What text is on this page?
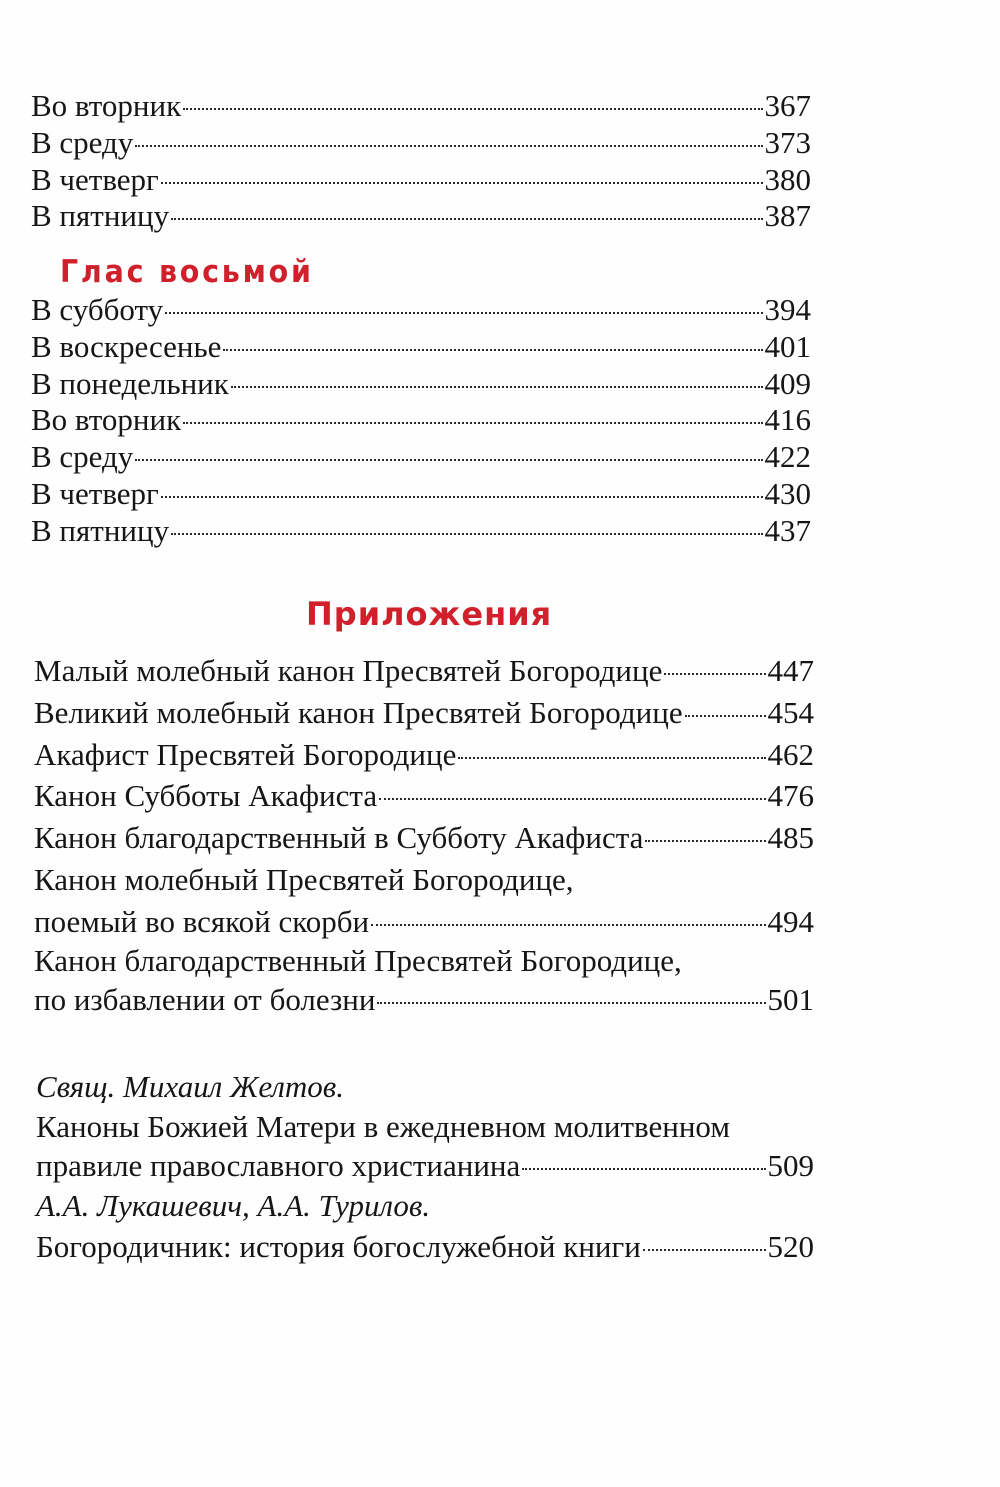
Во вторник	367
В среду	373
В четверг	380
В пятницу	387
Глас восьмой
В субботу	394
В воскресенье	401
В понедельник	409
Во вторник	416
В среду	422
В четверг	430
В пятницу	437
Приложения
Малый молебный канон Пресвятей Богородице	447
Великий молебный канон Пресвятей Богородице	454
Акафист Пресвятей Богородице	462
Канон Субботы Акафиста	476
Канон благодарственный в Субботу Акафиста	485
Канон молебный Пресвятей Богородице,
поемый во всякой скорби	494
Канон благодарственный Пресвятей Богородице,
по избавлении от болезни	501
Свящ. Михаил Желтов.
Каноны Божией Матери в ежедневном молитвенном
правиле православного христианина	509
А.А. Лукашевич, А.А. Турилов.
Богородичник: история богослужебной книги	520
